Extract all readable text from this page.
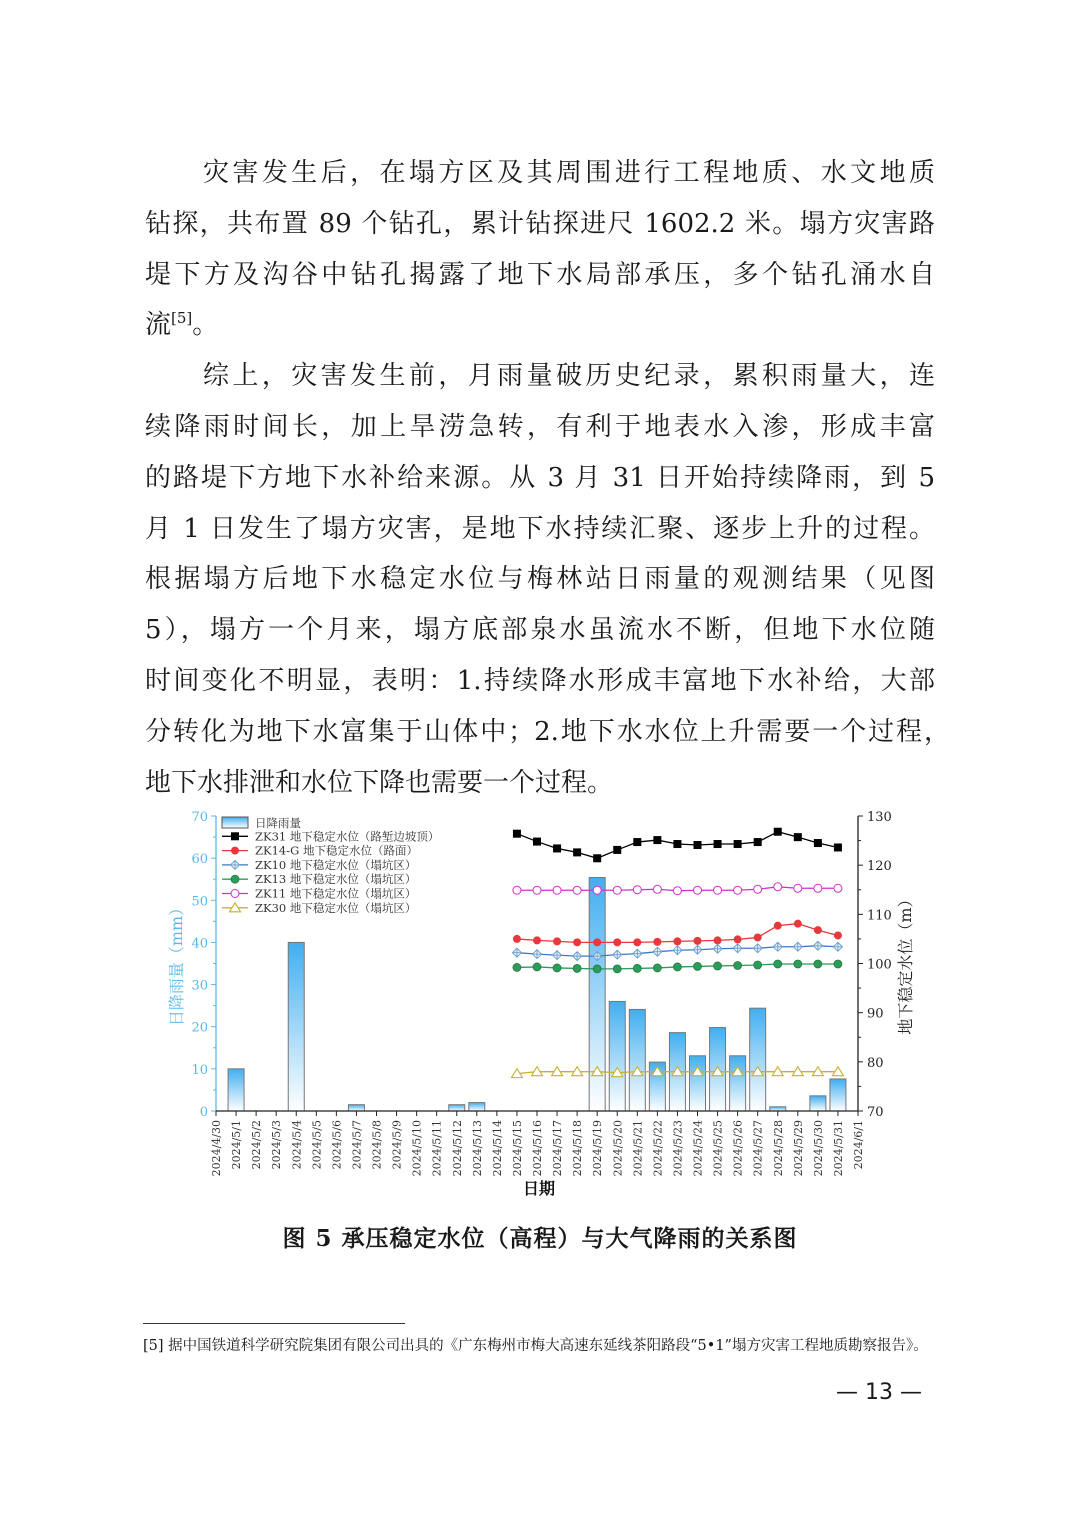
灾害发生后，在塌方区及其周围进行工程地质、水文地质
钻探，共布置 89 个钻孔，累计钻探进尺 1602.2 米。塌方灾害路
堤下方及沟谷中钻孔揭露了地下水局部承压，多个钻孔涌水自
流[5]。
综上，灾害发生前，月雨量破历史纪录，累积雨量大，连
续降雨时间长，加上旱涝急转，有利于地表水入渗，形成丰富
的路堤下方地下水补给来源。从 3 月 31 日开始持续降雨，到 5
月 1 日发生了塌方灾害，是地下水持续汇聚、逐步上升的过程。
根据塌方后地下水稳定水位与梅林站日雨量的观测结果（见图
5），塌方一个月来，塌方底部泉水虽流水不断，但地下水位随
时间变化不明显，表明：1.持续降水形成丰富地下水补给，大部
分转化为地下水富集于山体中；2.地下水水位上升需要一个过程，
地下水排泄和水位下降也需要一个过程。
0
10
20
30
40
50
60
70
70
80
90
100
110
120
130
2024/4/30 2024/5/1 2024/5/2 2024/5/3 2024/5/4 2024/5/5 2024/5/6 2024/5/7 2024/5/8 2024/5/9 2024/5/10 2024/5/11 2024/5/12 2024/5/13 2024/5/14 2024/5/15 2024/5/16 2024/5/17 2024/5/18 2024/5/19 2024/5/20 2024/5/21 2024/5/22 2024/5/23 2024/5/24 2024/5/25 2024/5/26 2024/5/27 2024/5/28 2024/5/29 2024/5/30 2024/5/31 2024/6/1
日降雨量（mm）	地下稳定水位（m）
日期
日降雨量
ZK31 地下稳定水位（路堑边坡顶）
ZK14-G 地下稳定水位（路面）
ZK10 地下稳定水位（塌坑区）
ZK13 地下稳定水位（塌坑区）
ZK11 地下稳定水位（塌坑区）
ZK30 地下稳定水位（塌坑区）
图 5 承压稳定水位（高程）与大气降雨的关系图
[5] 据中国铁道科学研究院集团有限公司出具的《广东梅州市梅大高速东延线茶阳路段“5•1”塌方灾害工程地质勘察报告》。
— 13 —
